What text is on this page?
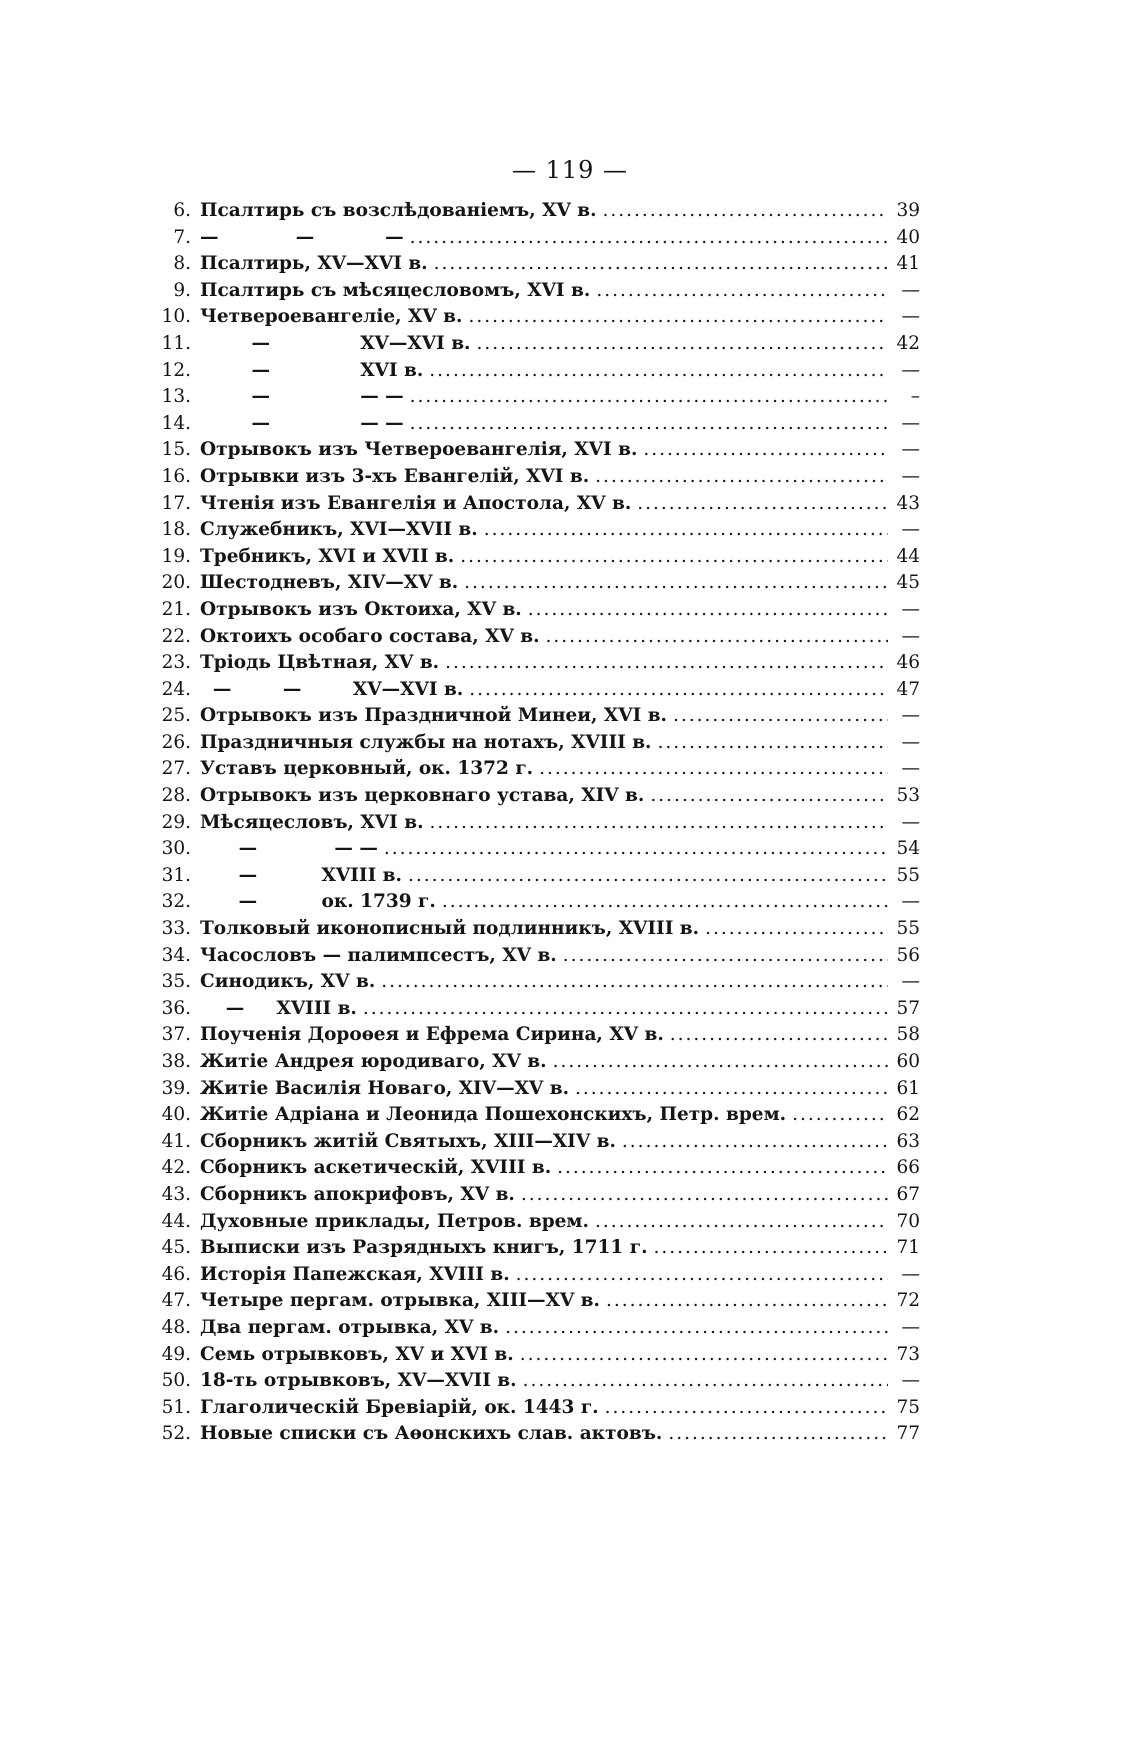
— 119 —
6. Псалтирь съ возслѣдованіемъ, XV в. .....	39
7. —            —           — .....	40
8. Псалтирь, XV—XVI в. .....	41
9. Псалтирь съ мѣсяцесловомъ, XVI в. .....	—
10. Четвероевангеліе, XV в. .....	—
11. —              XV—XVI в. .....	42
12. —              XVI в. .....	—
13. —              — — .....	–
14. —              — — .....	—
15. Отрывокъ изъ Четвероевангелія, XVI в. .....	—
16. Отрывки изъ 3-хъ Евангелій, XVI в. .....	—
17. Чтенія изъ Евангелія и Апостола, XV в. .....	43
18. Служебникъ, XVI—XVII в. .....	—
19. Требникъ, XVI и XVII в. .....	44
20. Шестодневъ, XIV—XV в. .....	45
21. Отрывокъ изъ Октоиха, XV в. .....	—
22. Октоихъ особаго состава, XV в. .....	—
23. Тріодь Цвѣтная, XV в. .....	46
24. —        —        XV—XVI в. .....	47
25. Отрывокъ изъ Праздничной Минеи, XVI в. .....	—
26. Праздничныя службы на нотахъ, XVIII в. .....	—
27. Уставъ церковный, ок. 1372 г. .....	—
28. Отрывокъ изъ церковнаго устава, XIV в. .....	53
29. Мѣсяцесловъ, XVI в. .....	—
30. —            — — .....	54
31. —          XVIII в. .....	55
32. —          ок. 1739 г. .....	—
33. Толковый иконописный подлинникъ, XVIII в. .....	55
34. Часословъ — палимпсестъ, XV в. .....	56
35. Синодикъ, XV в. .....	—
36. —     XVIII в. .....	57
37. Поученія Дороѳея и Ефрема Сирина, XV в. .....	58
38. Житіе Андрея юродиваго, XV в. .....	60
39. Житіе Василія Новаго, XIV—XV в. .....	61
40. Житіе Адріана и Леонида Пошехонскихъ, Петр. врем. .....	62
41. Сборникъ житій Святыхъ, XIII—XIV в. .....	63
42. Сборникъ аскетическій, XVIII в. .....	66
43. Сборникъ апокрифовъ, XV в. .....	67
44. Духовные приклады, Петров. врем. .....	70
45. Выписки изъ Разрядныхъ книгъ, 1711 г. .....	71
46. Исторія Папежская, XVIII в. .....	—
47. Четыре пергам. отрывка, XIII—XV в. .....	72
48. Два пергам. отрывка, XV в. .....	—
49. Семь отрывковъ, XV и XVI в. .....	73
50. 18-ть отрывковъ, XV—XVII в. .....	—
51. Глаголическій Бревіарій, ок. 1443 г. .....	75
52. Новые списки съ Аѳонскихъ слав. актовъ. .....	77
